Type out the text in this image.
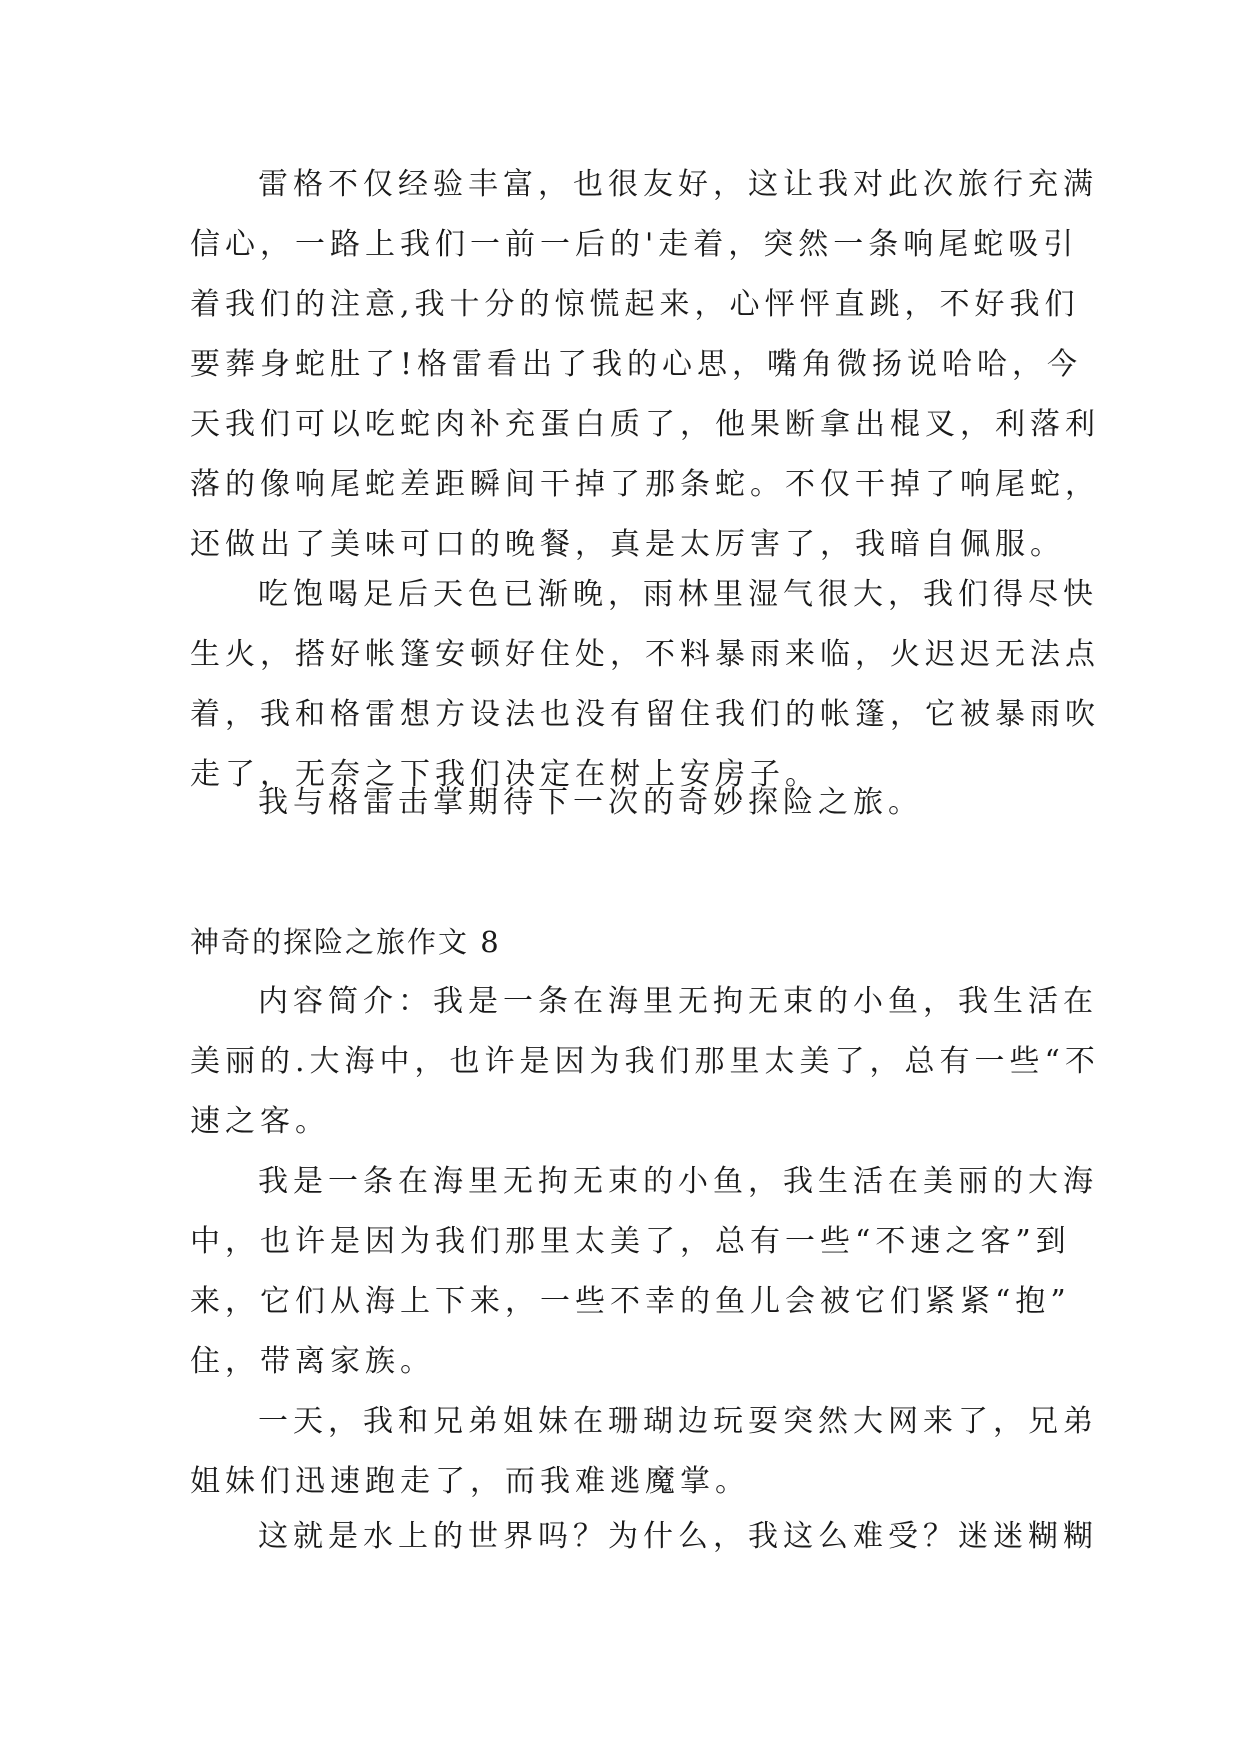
雷格不仅经验丰富，也很友好，这让我对此次旅行充满
信心，一路上我们一前一后的'走着，突然一条响尾蛇吸引
着我们的注意,我十分的惊慌起来，心怦怦直跳，不好我们
要葬身蛇肚了!格雷看出了我的心思，嘴角微扬说哈哈，今
天我们可以吃蛇肉补充蛋白质了，他果断拿出棍叉，利落利
落的像响尾蛇差距瞬间干掉了那条蛇。不仅干掉了响尾蛇，
还做出了美味可口的晚餐，真是太厉害了，我暗自佩服。
吃饱喝足后天色已渐晚，雨林里湿气很大，我们得尽快
生火，搭好帐篷安顿好住处，不料暴雨来临，火迟迟无法点
着，我和格雷想方设法也没有留住我们的帐篷，它被暴雨吹
走了，无奈之下我们决定在树上安房子。
我与格雷击掌期待下一次的奇妙探险之旅。
神奇的探险之旅作文 8
内容简介：我是一条在海里无拘无束的小鱼，我生活在
美丽的.大海中，也许是因为我们那里太美了，总有一些“不
速之客。
我是一条在海里无拘无束的小鱼，我生活在美丽的大海
中，也许是因为我们那里太美了，总有一些“不速之客”到
来，它们从海上下来，一些不幸的鱼儿会被它们紧紧“抱”
住，带离家族。
一天，我和兄弟姐妹在珊瑚边玩耍突然大网来了，兄弟
姐妹们迅速跑走了，而我难逃魔掌。
这就是水上的世界吗？为什么，我这么难受？迷迷糊糊
